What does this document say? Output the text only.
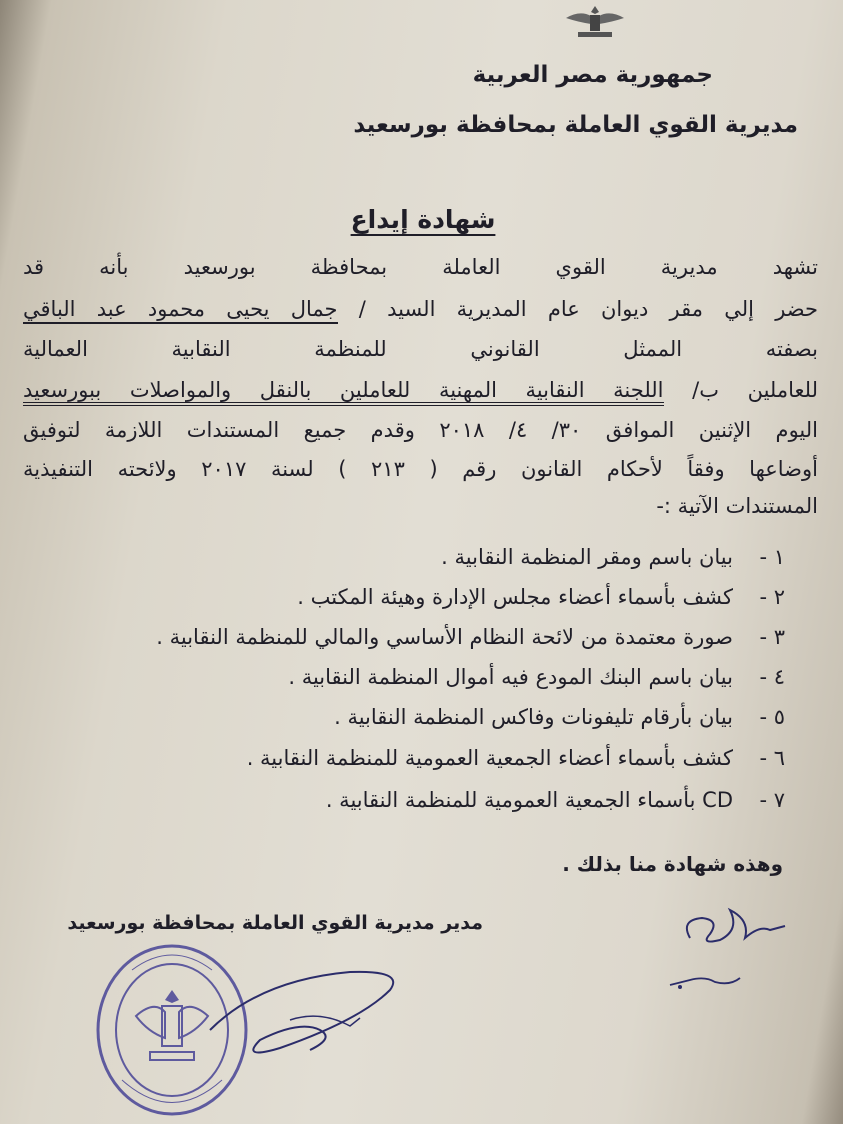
جمهورية مصر العربية
مديرية القوي العاملة بمحافظة بورسعيد
شهادة إيداع
تشهد مديرية القوي العاملة بمحافظة بورسعيد بأنه قد
حضر إلي مقر ديوان عام المديرية السيد / جمال يحيى محمود عبد الباقي
بصفته الممثل القانوني للمنظمة النقابية العمالية
للعاملين ب/ اللجنة النقابية المهنية للعاملين بالنقل والمواصلات ببورسعيد
اليوم الإثنين الموافق ٣٠/ ٤/ ٢٠١٨ وقدم جميع المستندات اللازمة لتوفيق
أوضاعها وفقاً لأحكام القانون رقم ( ٢١٣ ) لسنة ٢٠١٧ ولائحته التنفيذية
المستندات الآتية :-
١ -بيان باسم ومقر المنظمة النقابية .
٢ -كشف بأسماء أعضاء مجلس الإدارة وهيئة المكتب .
٣ -صورة معتمدة من لائحة النظام الأساسي والمالي للمنظمة النقابية .
٤ -بيان باسم البنك المودع فيه أموال المنظمة النقابية .
٥ -بيان بأرقام تليفونات وفاكس المنظمة النقابية .
٦ -كشف بأسماء أعضاء الجمعية العمومية للمنظمة النقابية .
٧ -CD بأسماء الجمعية العمومية للمنظمة النقابية .
وهذه شهادة منا بذلك .
مدير مديرية القوي العاملة بمحافظة بورسعيد
